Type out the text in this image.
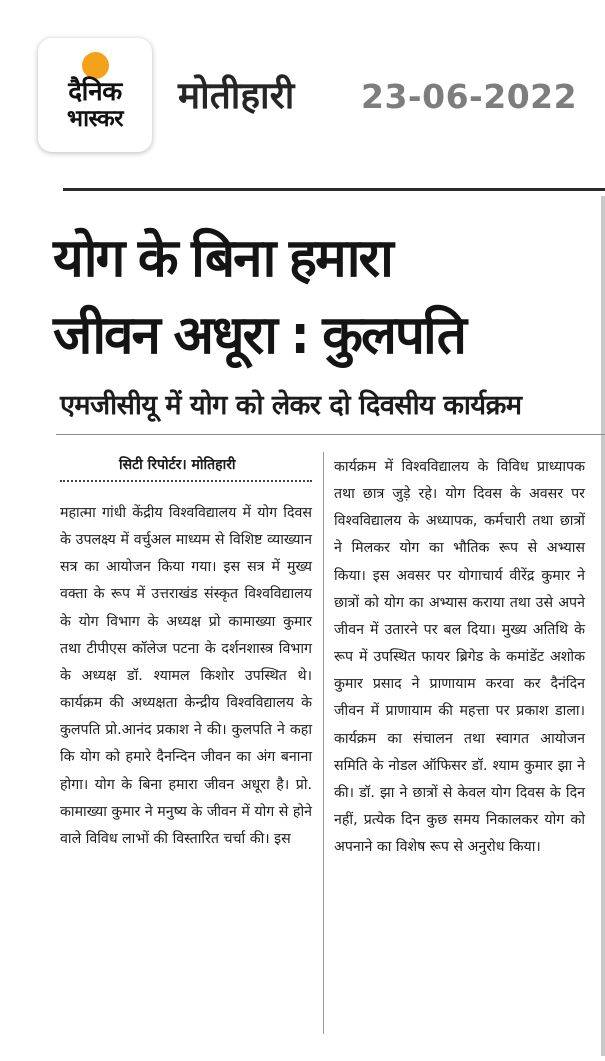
दैनिक
भास्कर
मोतीहारी 23-06-2022
योग के बिना हमारा
जीवन अधूरा : कुलपति
एमजीसीयू में योग को लेकर दो दिवसीय कार्यक्रम
सिटी रिपोर्टर। मोतिहारी

महात्मा गांधी केंद्रीय विश्वविद्यालय में योग दिवस के उपलक्ष्य में वर्चुअल माध्यम से विशिष्ट व्याख्यान सत्र का आयोजन किया गया। इस सत्र में मुख्य वक्ता के रूप में उत्तराखंड संस्कृत विश्वविद्यालय के योग विभाग के अध्यक्ष प्रो कामाख्या कुमार तथा टीपीएस कॉलेज पटना के दर्शनशास्त्र विभाग के अध्यक्ष डॉ. श्यामल किशोर उपस्थित थे। कार्यक्रम की अध्यक्षता केन्द्रीय विश्वविद्यालय के कुलपति प्रो.आनंद प्रकाश ने की। कुलपति ने कहा कि योग को हमारे दैनन्दिन जीवन का अंग बनाना होगा। योग के बिना हमारा जीवन अधूरा है। प्रो. कामाख्या कुमार ने मनुष्य के जीवन में योग से होने वाले विविध लाभों की विस्तारित चर्चा की। इस

कार्यक्रम में विश्वविद्यालय के विविध प्राध्यापक तथा छात्र जुड़े रहे। योग दिवस के अवसर पर विश्वविद्यालय के अध्यापक, कर्मचारी तथा छात्रों ने मिलकर योग का भौतिक रूप से अभ्यास किया। इस अवसर पर योगाचार्य वीरेंद्र कुमार ने छात्रों को योग का अभ्यास कराया तथा उसे अपने जीवन में उतारने पर बल दिया। मुख्य अतिथि के रूप में उपस्थित फायर ब्रिगेड के कमांडेंट अशोक कुमार प्रसाद ने प्राणायाम करवा कर दैनंदिन जीवन में प्राणायाम की महत्ता पर प्रकाश डाला। कार्यक्रम का संचालन तथा स्वागत आयोजन समिति के नोडल ऑफिसर डॉ. श्याम कुमार झा ने की। डॉ. झा ने छात्रों से केवल योग दिवस के दिन नहीं, प्रत्येक दिन कुछ समय निकालकर योग को अपनाने का विशेष रूप से अनुरोध किया।
